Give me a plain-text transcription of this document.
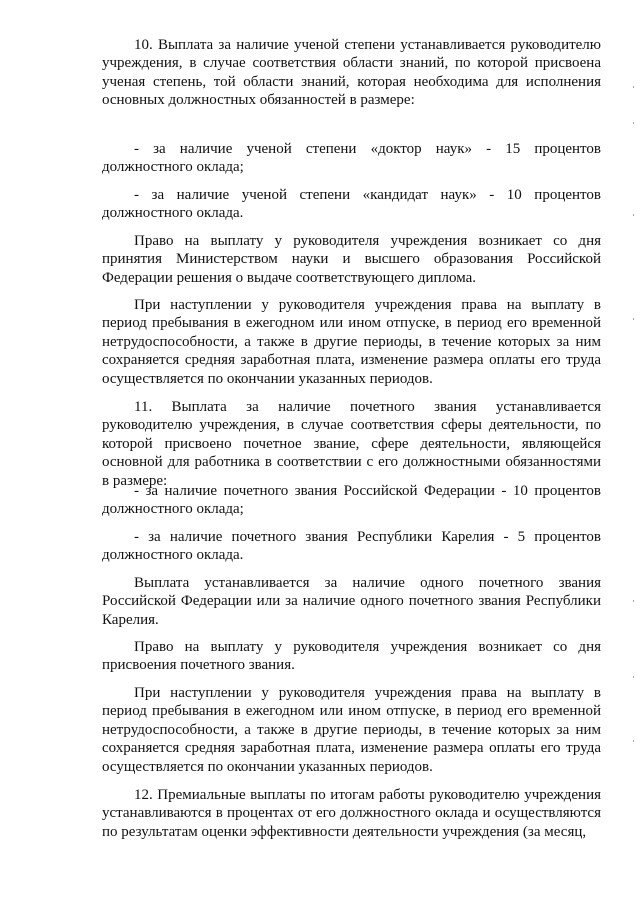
10. Выплата за наличие ученой степени устанавливается руководителю учреждения, в случае соответствия области знаний, по которой присвоена ученая степень, той области знаний, которая необходима для исполнения основных должностных обязанностей в размере:

- за наличие ученой степени «доктор наук» - 15 процентов должностного оклада;

- за наличие ученой степени «кандидат наук» - 10 процентов должностного оклада.

Право на выплату у руководителя учреждения возникает со дня принятия Министерством науки и высшего образования Российской Федерации решения о выдаче соответствующего диплома.

При наступлении у руководителя учреждения права на выплату в период пребывания в ежегодном или ином отпуске, в период его временной нетрудоспособности, а также в другие периоды, в течение которых за ним сохраняется средняя заработная плата, изменение размера оплаты его труда осуществляется по окончании указанных периодов.

11. Выплата за наличие почетного звания устанавливается руководителю учреждения, в случае соответствия сферы деятельности, по которой присвоено почетное звание, сфере деятельности, являющейся основной для работника в соответствии с его должностными обязанностями в размере:

- за наличие почетного звания Российской Федерации - 10 процентов должностного оклада;

- за наличие почетного звания Республики Карелия - 5 процентов должностного оклада.

Выплата устанавливается за наличие одного почетного звания Российской Федерации или за наличие одного почетного звания Республики Карелия.

Право на выплату у руководителя учреждения возникает со дня присвоения почетного звания.

При наступлении у руководителя учреждения права на выплату в период пребывания в ежегодном или ином отпуске, в период его временной нетрудоспособности, а также в другие периоды, в течение которых за ним сохраняется средняя заработная плата, изменение размера оплаты его труда осуществляется по окончании указанных периодов.

12. Премиальные выплаты по итогам работы руководителю учреждения устанавливаются в процентах от его должностного оклада и осуществляются по результатам оценки эффективности деятельности учреждения (за месяц,
